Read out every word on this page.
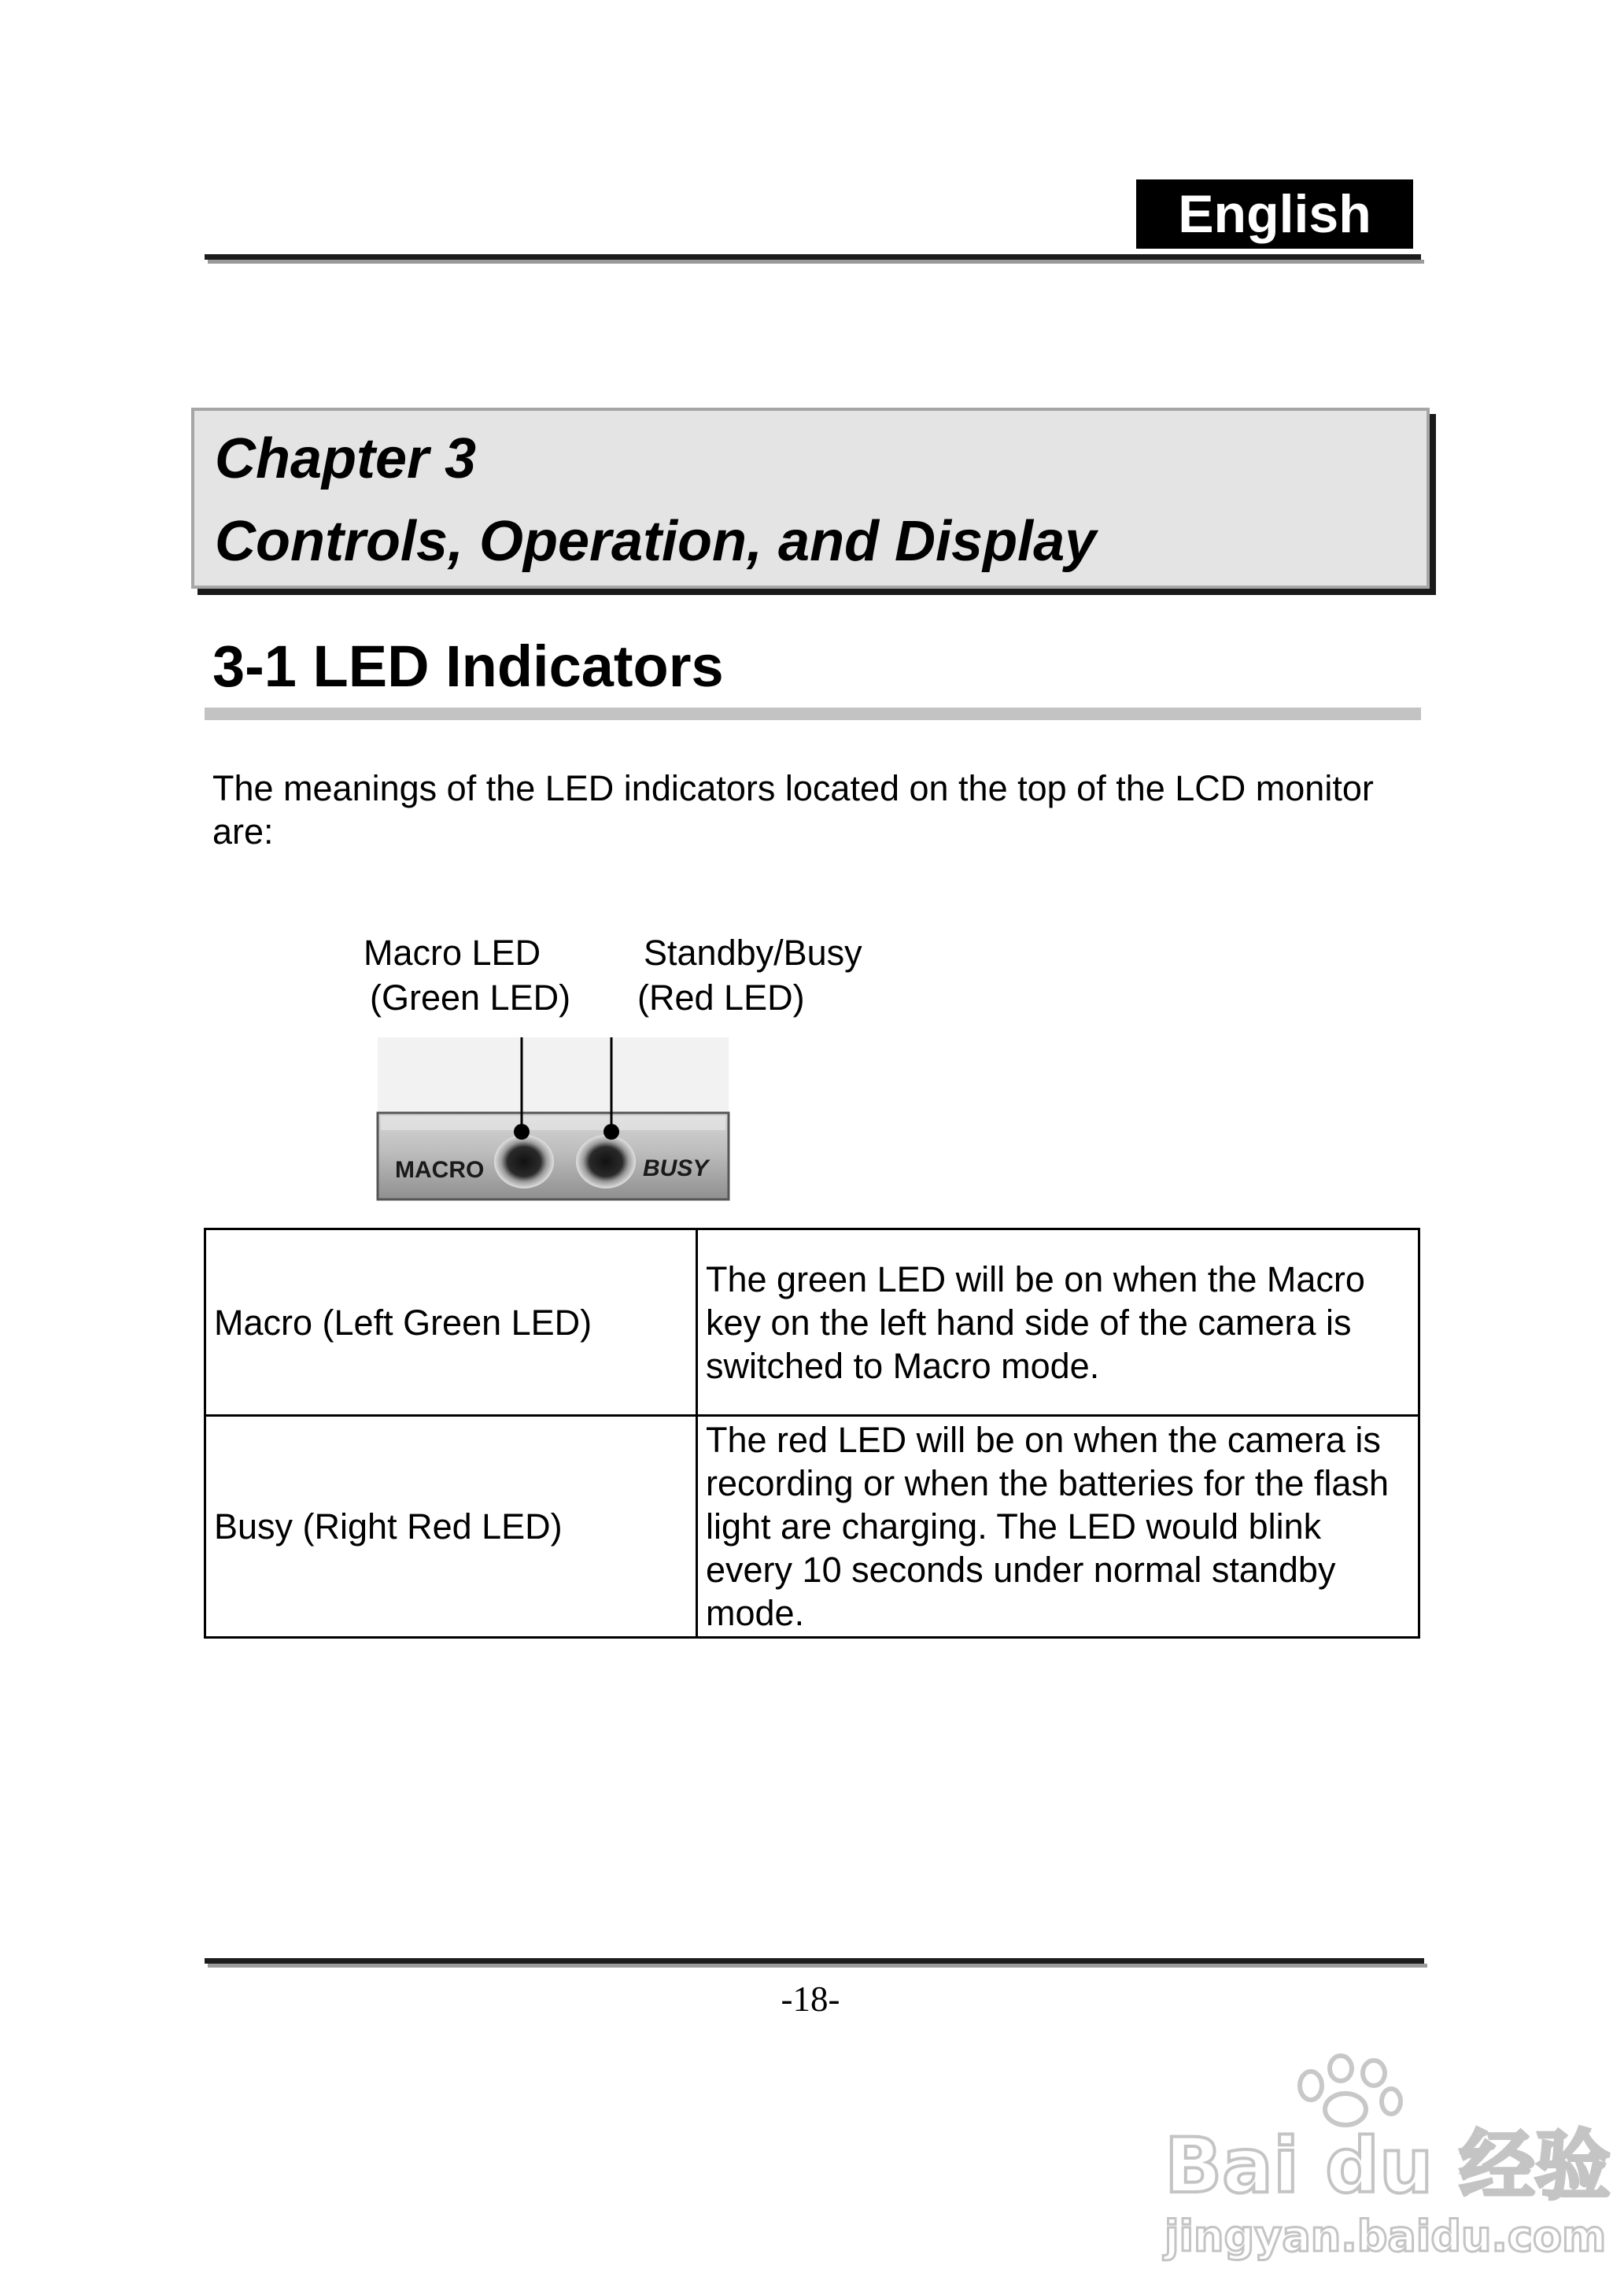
English
Chapter 3
Controls, Operation, and Display
3-1 LED Indicators
The meanings of the LED indicators located on the top of the LCD monitor are:
Macro LED
(Green LED)
Standby/Busy
(Red LED)
MACRO	BUSY
Macro (Left Green LED)	The green LED will be on when the Macro key on the left hand side of the camera is switched to Macro mode.
Busy (Right Red LED)	The red LED will be on when the camera is recording or when the batteries for the flash light are charging. The LED would blink every 10 seconds under normal standby mode.
-18-
Bai du 经验
jingyan.baidu.com
